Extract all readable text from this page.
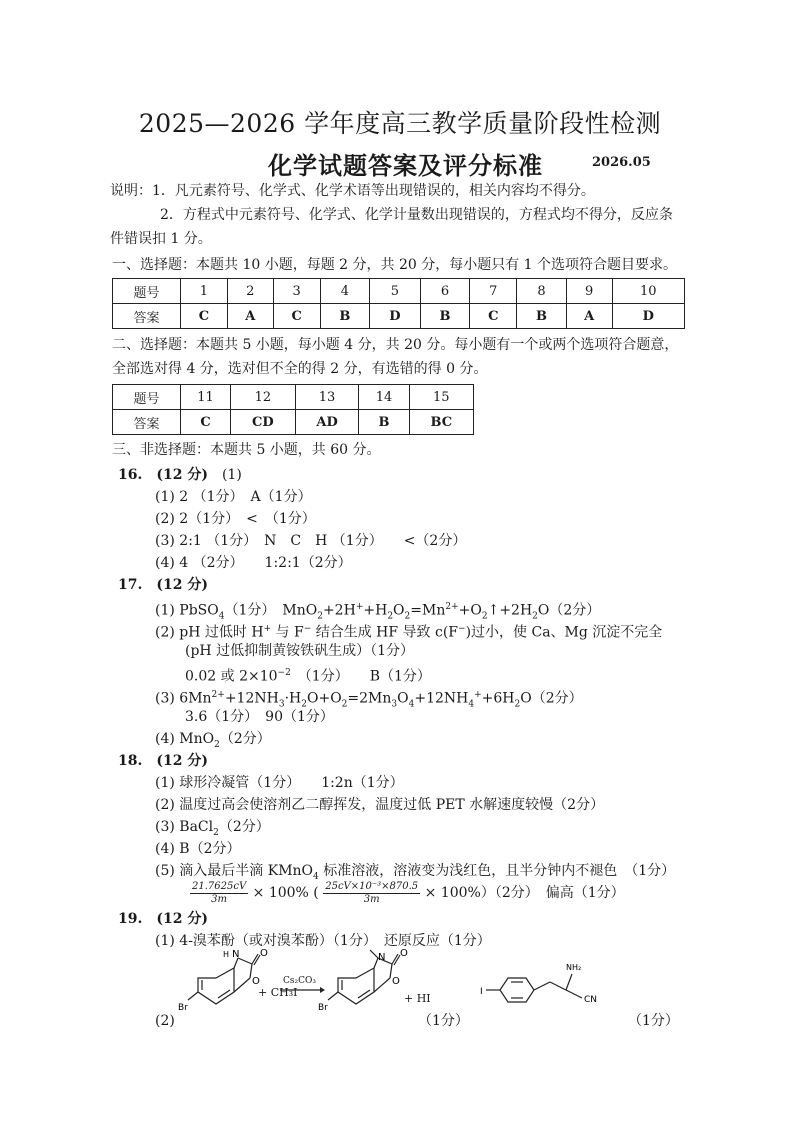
2025—2026 学年度高三教学质量阶段性检测
化学试题答案及评分标准	2026.05
说明：1．凡元素符号、化学式、化学术语等出现错误的，相关内容均不得分。
2．方程式中元素符号、化学式、化学计量数出现错误的，方程式均不得分，反应条
件错误扣 1 分。
一、选择题：本题共 10 小题，每题 2 分，共 20 分，每小题只有 1 个选项符合题目要求。
题号	1	2	3	4	5	6	7	8	9	10
答案	C	A	C	B	D	B	C	B	A	D
二、选择题：本题共 5 小题，每小题 4 分，共 20 分。每小题有一个或两个选项符合题意，
全部选对得 4 分，选对但不全的得 2 分，有选错的得 0 分。
题号	11	12	13	14	15
答案	C	CD	AD	B	BC
三、非选择题：本题共 5 小题，共 60 分。
16.　(12 分)　 (1)
(1) 2 （1分）　A（1分）
(2) 2（1分）　<　（1分）
(3) 2:1 （1分）　N　C　H （1分）　　<（2分）
(4) 4 （2分）　　1:2:1（2分）
17.　(12 分)
(1) PbSO$_4$（1分）　$MnO_2+2H^++H_2O_2=Mn^{2+}+O_2↑+2H_2O(2$分）
(2) pH 过低时 H+ 与 F− 结合生成 HF 导致 c(F−)过小，使 Ca、Mg 沉淀不完全
(pH 过低抑制黄铵铁矾生成）（1分）
0.02 或 $2\times 10^{-2}$　（1分）　　B（1分）
(3) $6Mn^{2+}+12NH_3\cdot H_2O+O_2=2Mn_3O_4+12NH_4^++6H_2O(2$分）
3.6（1分）　90（1分）
(4) MnO$_2$（2分）
18.　(12 分)
(1) 球形冷凝管（1分）　　1:2n（1分）
(2) 温度过高会使溶剂乙二醇挥发，温度过低 PET 水解速度较慢（2分）
(3) BaCl$_2$（2分）
(4) B（2分）
(5) 滴入最后半滴 KMnO$_4$ 标准溶液，溶液变为浅红色，且半分钟内不褪色　（1分）
$\frac{21.7625cV}{3m} \times 100\%$ ( $\frac{\text{25cV×10⁻³×870.5}}{3m} \times 100\%)(2$分）　偏高（1分）
19.　(12 分)
(1) 4-溴苯酚（或对溴苯酚）（1分）　还原反应（1分）
(2)
N
H	O
O
Br
+ CH₃I
Cs₂CO₃
N O
O
Br
+ HI
（1分）
I
NH₂
CN
（1分）
